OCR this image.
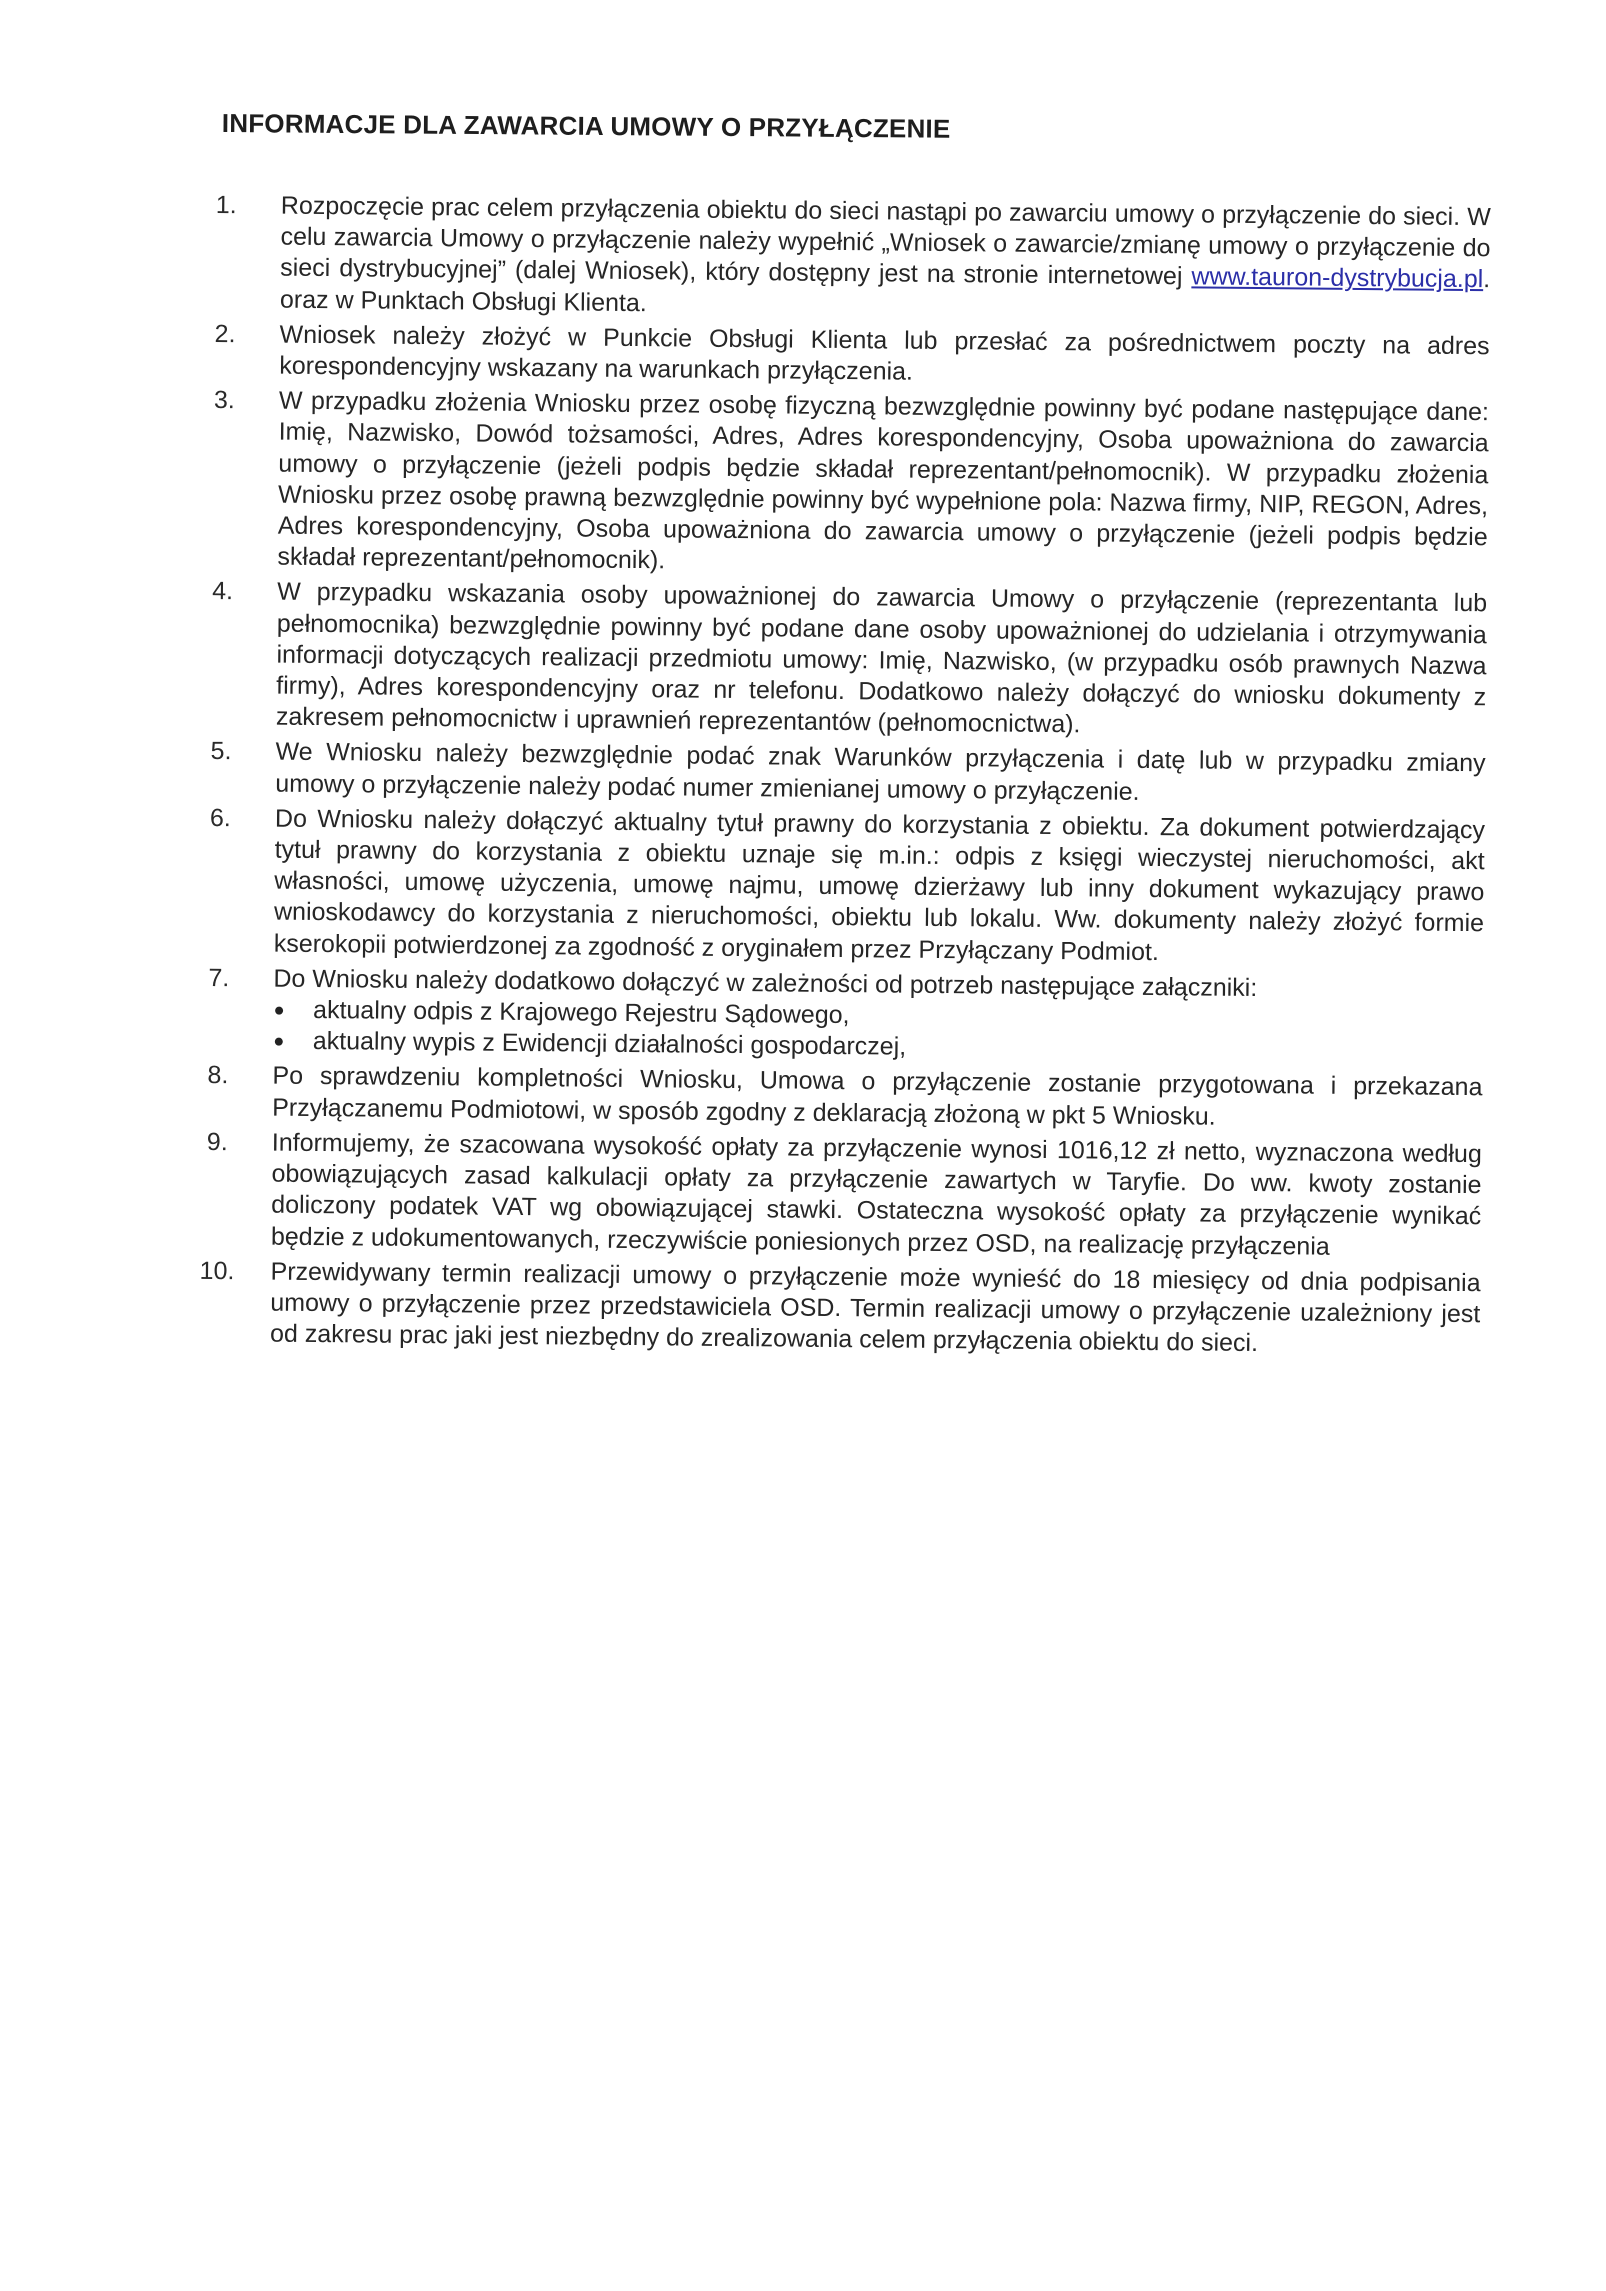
INFORMACJE DLA ZAWARCIA UMOWY O PRZYŁĄCZENIE
1.	Rozpoczęcie prac celem przyłączenia obiektu do sieci nastąpi po zawarciu umowy o przyłączenie do sieci. W celu zawarcia Umowy o przyłączenie należy wypełnić „Wniosek o zawarcie/zmianę umowy o przyłączenie do sieci dystrybucyjnej” (dalej Wniosek), który dostępny jest na stronie internetowej www.tauron-dystrybucja.pl. oraz w Punktach Obsługi Klienta.
2.	Wniosek należy złożyć w Punkcie Obsługi Klienta lub przesłać za pośrednictwem poczty na adres korespondencyjny wskazany na warunkach przyłączenia.
3.	W przypadku złożenia Wniosku przez osobę fizyczną bezwzględnie powinny być podane następujące dane: Imię, Nazwisko, Dowód tożsamości, Adres, Adres korespondencyjny, Osoba upoważniona do zawarcia umowy o przyłączenie (jeżeli podpis będzie składał reprezentant/pełnomocnik). W przypadku złożenia Wniosku przez osobę prawną bezwzględnie powinny być wypełnione pola: Nazwa firmy, NIP, REGON, Adres, Adres korespondencyjny, Osoba upoważniona do zawarcia umowy o przyłączenie (jeżeli podpis będzie składał reprezentant/pełnomocnik).
4.	W przypadku wskazania osoby upoważnionej do zawarcia Umowy o przyłączenie (reprezentanta lub pełnomocnika) bezwzględnie powinny być podane dane osoby upoważnionej do udzielania i otrzymywania informacji dotyczących realizacji przedmiotu umowy: Imię, Nazwisko, (w przypadku osób prawnych Nazwa firmy), Adres korespondencyjny oraz nr telefonu. Dodatkowo należy dołączyć do wniosku dokumenty z zakresem pełnomocnictw i uprawnień reprezentantów (pełnomocnictwa).
5.	We Wniosku należy bezwzględnie podać znak Warunków przyłączenia i datę lub w przypadku zmiany umowy o przyłączenie należy podać numer zmienianej umowy o przyłączenie.
6.	Do Wniosku należy dołączyć aktualny tytuł prawny do korzystania z obiektu. Za dokument potwierdzający tytuł prawny do korzystania z obiektu uznaje się m.in.: odpis z księgi wieczystej nieruchomości, akt własności, umowę użyczenia, umowę najmu, umowę dzierżawy lub inny dokument wykazujący prawo wnioskodawcy do korzystania z nieruchomości, obiektu lub lokalu. Ww. dokumenty należy złożyć formie kserokopii potwierdzonej za zgodność z oryginałem przez Przyłączany Podmiot.
7.	Do Wniosku należy dodatkowo dołączyć w zależności od potrzeb następujące załączniki:
aktualny odpis z Krajowego Rejestru Sądowego,
aktualny wypis z Ewidencji działalności gospodarczej,
8.	Po sprawdzeniu kompletności Wniosku, Umowa o przyłączenie zostanie przygotowana i przekazana Przyłączanemu Podmiotowi, w sposób zgodny z deklaracją złożoną w pkt 5 Wniosku.
9.	Informujemy, że szacowana wysokość opłaty za przyłączenie wynosi 1016,12 zł netto, wyznaczona według obowiązujących zasad kalkulacji opłaty za przyłączenie zawartych w Taryfie. Do ww. kwoty zostanie doliczony podatek VAT wg obowiązującej stawki. Ostateczna wysokość opłaty za przyłączenie wynikać będzie z udokumentowanych, rzeczywiście poniesionych przez OSD, na realizację przyłączenia
10.	Przewidywany termin realizacji umowy o przyłączenie może wynieść do 18 miesięcy od dnia podpisania umowy o przyłączenie przez przedstawiciela OSD. Termin realizacji umowy o przyłączenie uzależniony jest od zakresu prac jaki jest niezbędny do zrealizowania celem przyłączenia obiektu do sieci.
